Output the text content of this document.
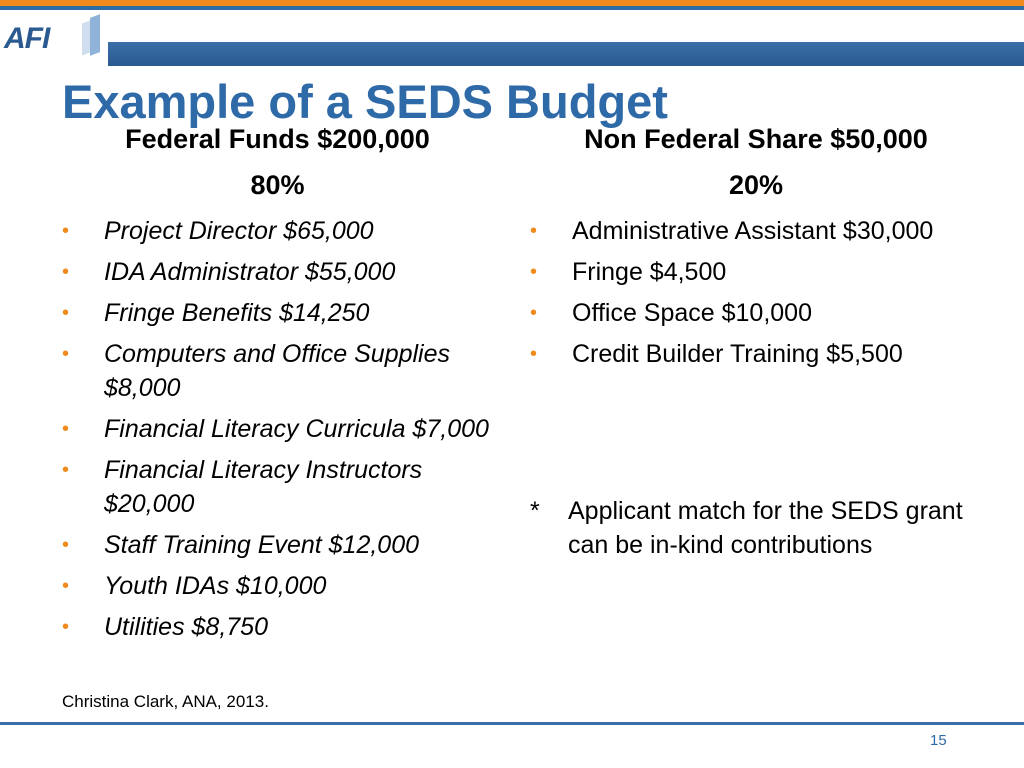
AFI
Example of a SEDS Budget
Federal Funds $200,000
80%
Non Federal Share $50,000
20%
• Project Director $65,000
• IDA Administrator $55,000
• Fringe Benefits $14,250
• Computers and Office Supplies $8,000
• Financial Literacy Curricula $7,000
• Financial Literacy Instructors $20,000
• Staff Training Event $12,000
• Youth IDAs $10,000
• Utilities $8,750
• Administrative Assistant $30,000
• Fringe $4,500
• Office Space $10,000
• Credit Builder Training $5,500
*	Applicant match for the SEDS grant can be in-kind contributions
Christina Clark, ANA, 2013.
15
